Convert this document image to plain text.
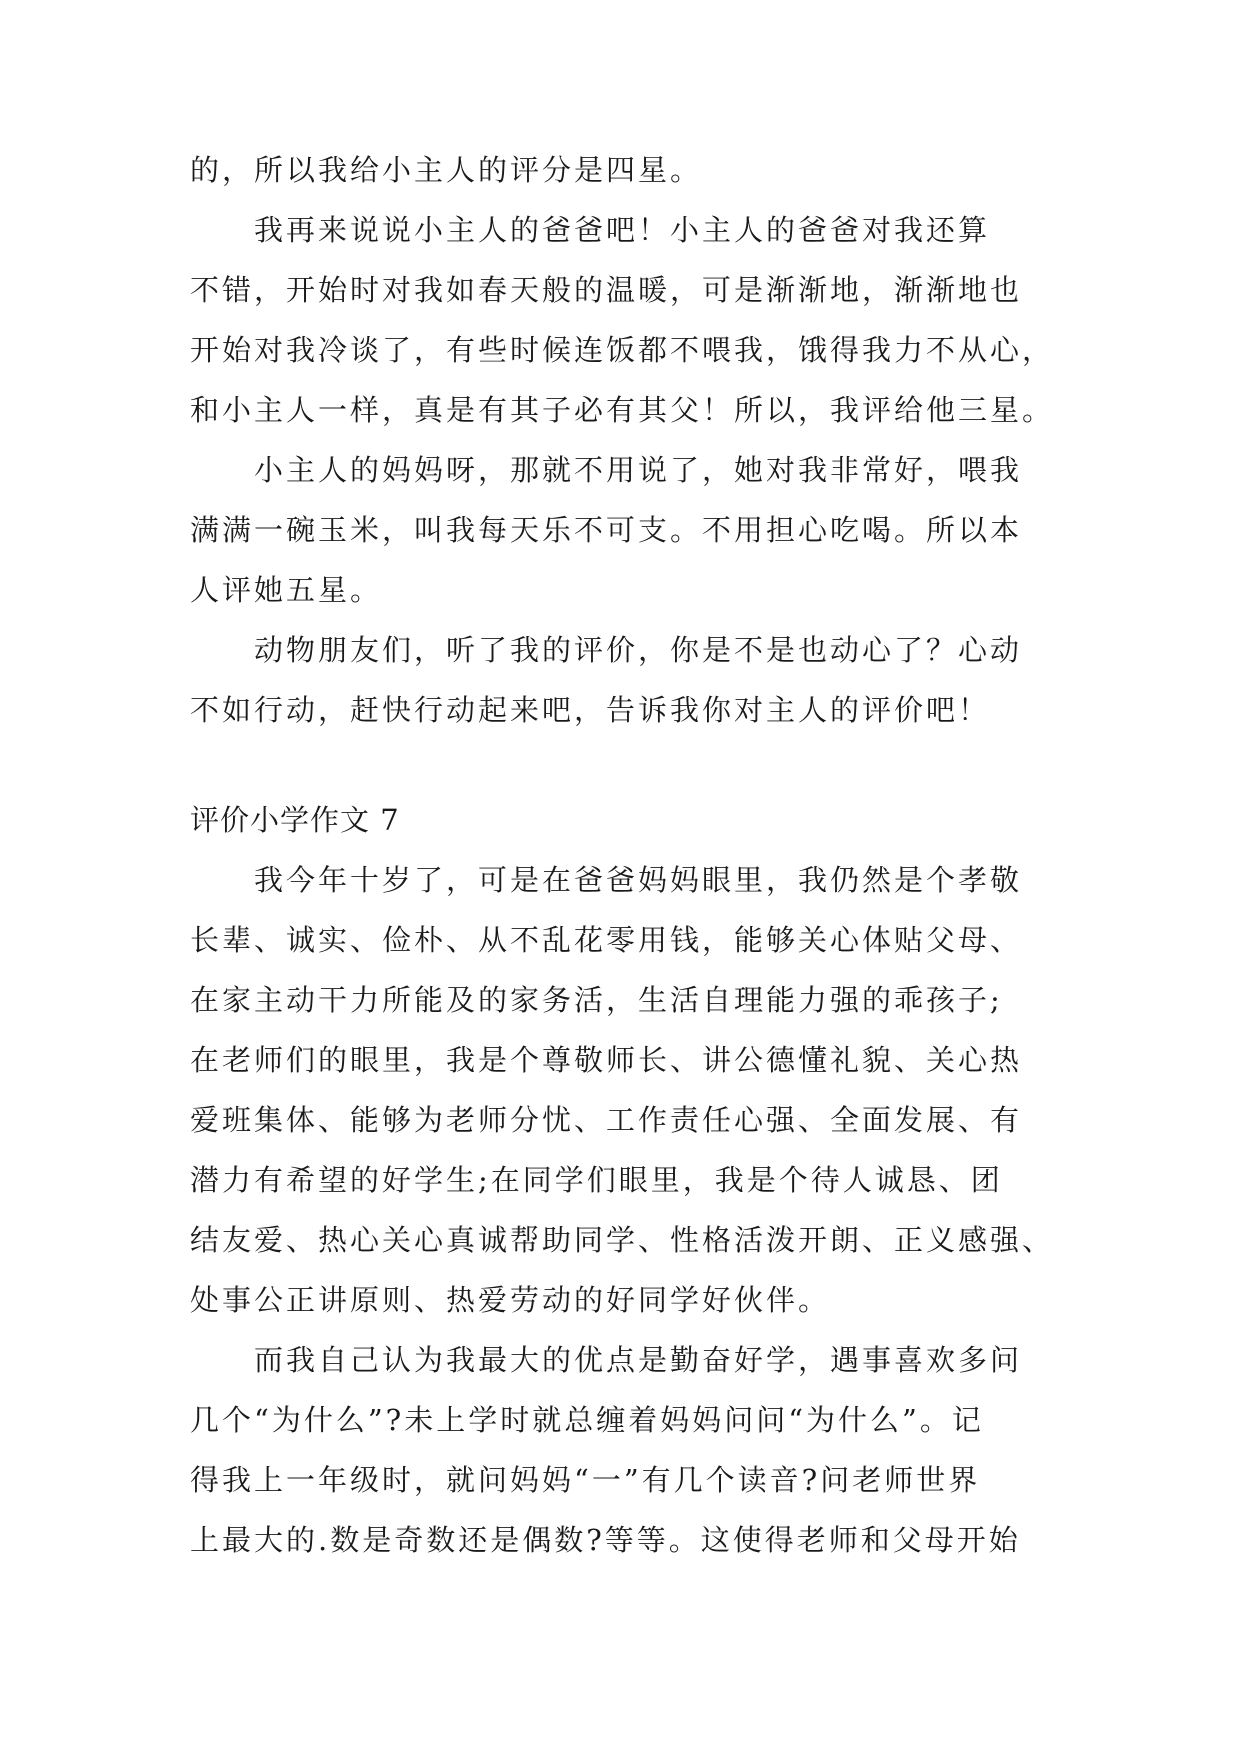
的，所以我给小主人的评分是四星。
我再来说说小主人的爸爸吧！小主人的爸爸对我还算
不错，开始时对我如春天般的温暖，可是渐渐地，渐渐地也
开始对我冷谈了，有些时候连饭都不喂我，饿得我力不从心，
和小主人一样，真是有其子必有其父！所以，我评给他三星。
小主人的妈妈呀，那就不用说了，她对我非常好，喂我
满满一碗玉米，叫我每天乐不可支。不用担心吃喝。所以本
人评她五星。
动物朋友们，听了我的评价，你是不是也动心了？心动
不如行动，赶快行动起来吧，告诉我你对主人的评价吧！
评价小学作文 7
我今年十岁了，可是在爸爸妈妈眼里，我仍然是个孝敬
长辈、诚实、俭朴、从不乱花零用钱，能够关心体贴父母、
在家主动干力所能及的家务活，生活自理能力强的乖孩子;
在老师们的眼里，我是个尊敬师长、讲公德懂礼貌、关心热
爱班集体、能够为老师分忧、工作责任心强、全面发展、有
潜力有希望的好学生;在同学们眼里，我是个待人诚恳、团
结友爱、热心关心真诚帮助同学、性格活泼开朗、正义感强、
处事公正讲原则、热爱劳动的好同学好伙伴。
而我自己认为我最大的优点是勤奋好学，遇事喜欢多问
几个“为什么”?未上学时就总缠着妈妈问问“为什么”。记
得我上一年级时，就问妈妈“一”有几个读音?问老师世界
上最大的.数是奇数还是偶数?等等。这使得老师和父母开始
